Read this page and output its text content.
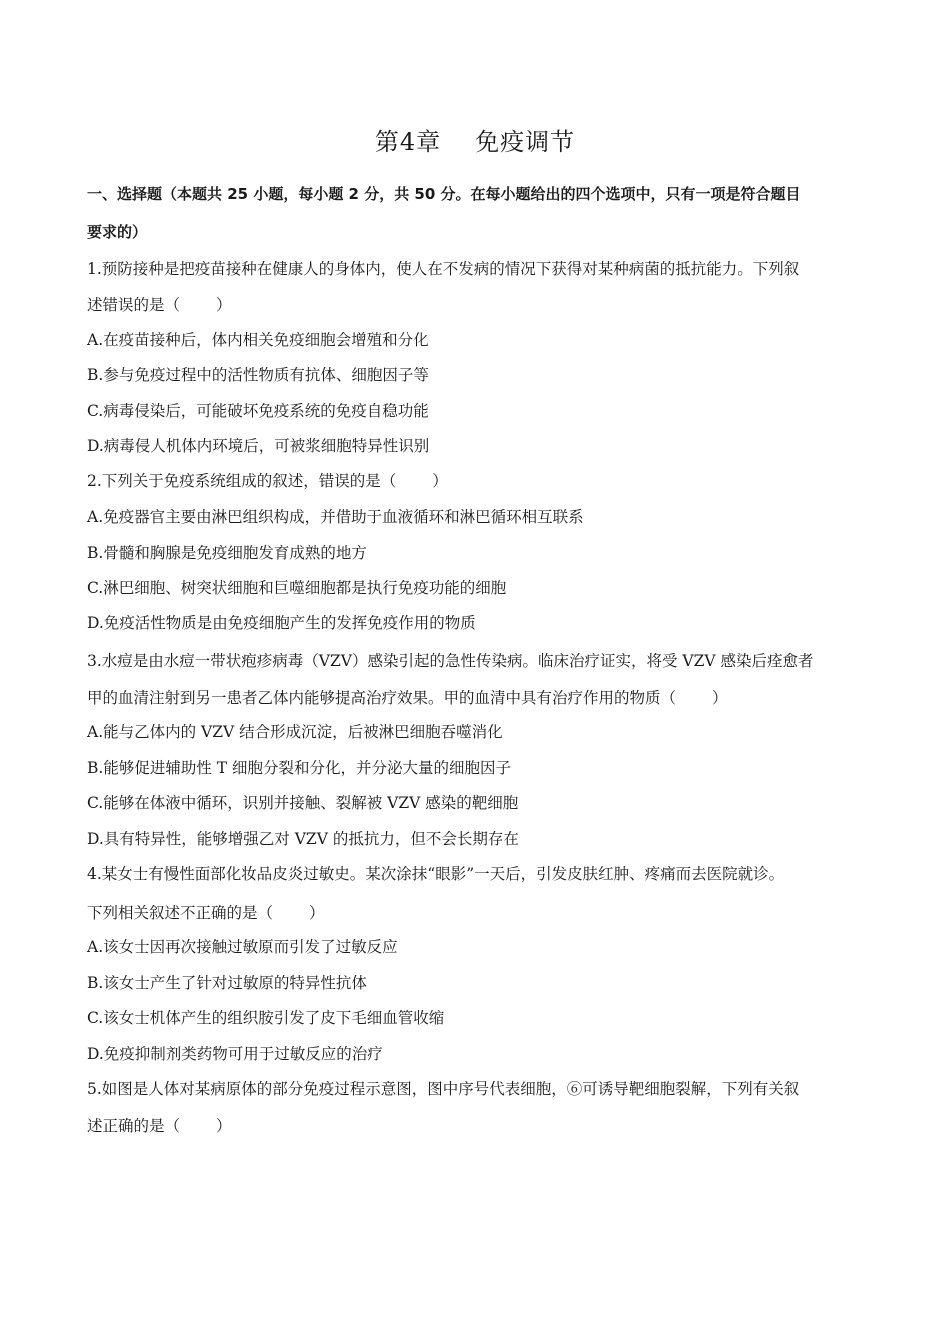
第4章 免疫调节
一、选择题（本题共 25 小题，每小题 2 分，共 50 分。在每小题给出的四个选项中，只有一项是符合题目
要求的）
1.预防接种是把疫苗接种在健康人的身体内，使人在不发病的情况下获得对某种病菌的抵抗能力。下列叙
述错误的是（ ）
A.在疫苗接种后，体内相关免疫细胞会增殖和分化
B.参与免疫过程中的活性物质有抗体、细胞因子等
C.病毒侵染后，可能破坏免疫系统的免疫自稳功能
D.病毒侵人机体内环境后，可被浆细胞特异性识别
2.下列关于免疫系统组成的叙述，错误的是（ ）
A.免疫器官主要由淋巴组织构成，并借助于血液循环和淋巴循环相互联系
B.骨髓和胸腺是免疫细胞发育成熟的地方
C.淋巴细胞、树突状细胞和巨噬细胞都是执行免疫功能的细胞
D.免疫活性物质是由免疫细胞产生的发挥免疫作用的物质
3.水痘是由水痘一带状疱疹病毒（VZV）感染引起的急性传染病。临床治疗证实，将受 VZV 感染后痊愈者
甲的血清注射到另一患者乙体内能够提高治疗效果。甲的血清中具有治疗作用的物质（ ）
A.能与乙体内的 VZV 结合形成沉淀，后被淋巴细胞吞噬消化
B.能够促进辅助性 T 细胞分裂和分化，并分泌大量的细胞因子
C.能够在体液中循环，识别并接触、裂解被 VZV 感染的靶细胞
D.具有特异性，能够增强乙对 VZV 的抵抗力，但不会长期存在
4.某女士有慢性面部化妆品皮炎过敏史。某次涂抹“眼影”一天后，引发皮肤红肿、疼痛而去医院就诊。
下列相关叙述不正确的是（ ）
A.该女士因再次接触过敏原而引发了过敏反应
B.该女士产生了针对过敏原的特异性抗体
C.该女士机体产生的组织胺引发了皮下毛细血管收缩
D.免疫抑制剂类药物可用于过敏反应的治疗
5.如图是人体对某病原体的部分免疫过程示意图，图中序号代表细胞，⑥可诱导靶细胞裂解，下列有关叙
述正确的是（ ）
